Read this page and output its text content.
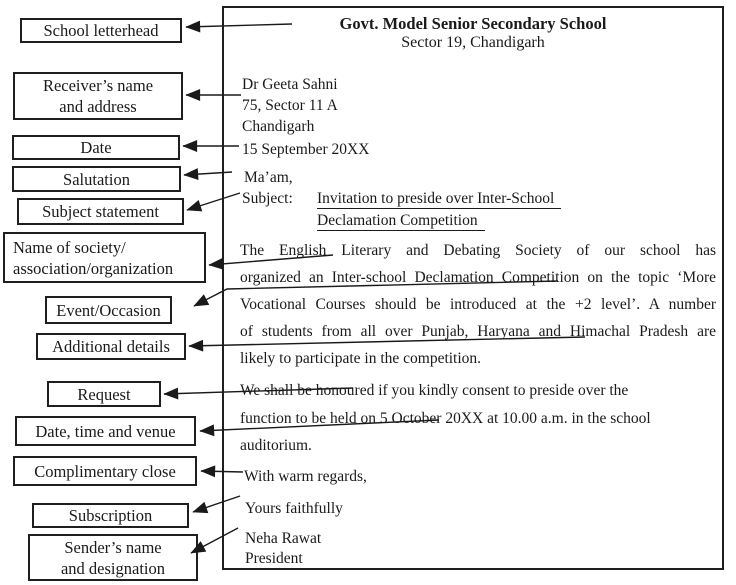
Govt. Model Senior Secondary School
Sector 19, Chandigarh
Dr Geeta Sahni
75, Sector 11 A
Chandigarh
15 September 20XX
Ma’am,
Subject: Invitation to preside over Inter-School
Declamation Competition
The English Literary and Debating Society of our school has
organized an Inter-school Declamation Competition on the topic ‘More
Vocational Courses should be introduced at the +2 level’. A number
of students from all over Punjab, Haryana and Himachal Pradesh are
likely to participate in the competition.
We shall be honoured if you kindly consent to preside over the
function to be held on 5 October 20XX at 10.00 a.m. in the school
auditorium.
With warm regards,
Yours faithfully
Neha Rawat
President
School letterhead
Receiver’s name
and address
Date
Salutation
Subject statement
Name of society/
association/organization
Event/Occasion
Additional details
Request
Date, time and venue
Complimentary close
Subscription
Sender’s name
and designation
